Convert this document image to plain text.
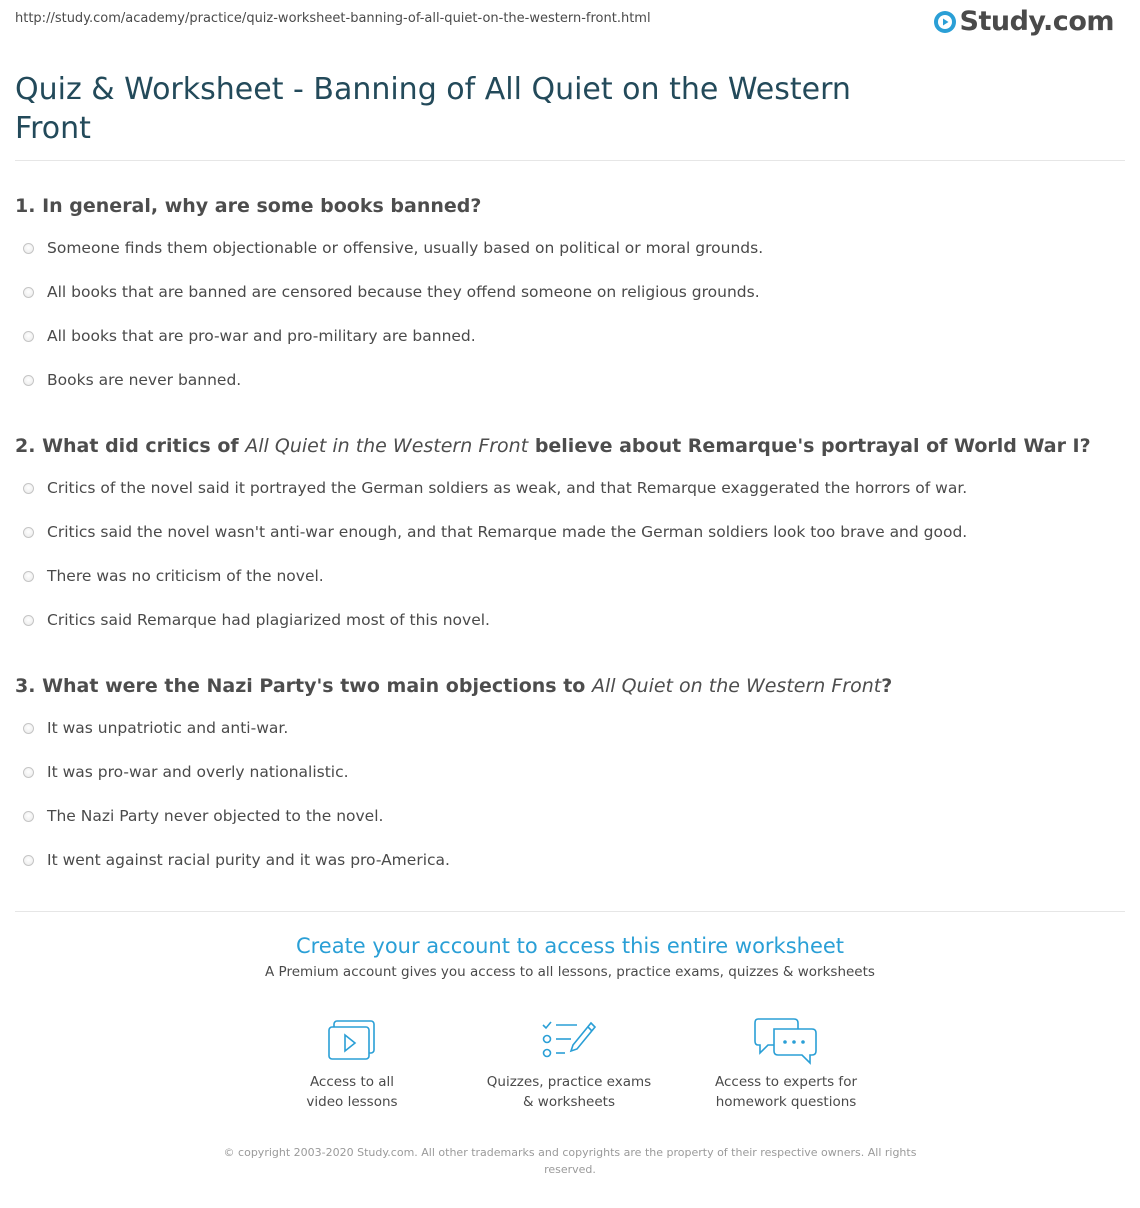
http://study.com/academy/practice/quiz-worksheet-banning-of-all-quiet-on-the-western-front.html	Study.com
Quiz & Worksheet - Banning of All Quiet on the Western Front
1. In general, why are some books banned?
Someone finds them objectionable or offensive, usually based on political or moral grounds.
All books that are banned are censored because they offend someone on religious grounds.
All books that are pro-war and pro-military are banned.
Books are never banned.
2. What did critics of All Quiet in the Western Front believe about Remarque's portrayal of World War I?
Critics of the novel said it portrayed the German soldiers as weak, and that Remarque exaggerated the horrors of war.
Critics said the novel wasn't anti-war enough, and that Remarque made the German soldiers look too brave and good.
There was no criticism of the novel.
Critics said Remarque had plagiarized most of this novel.
3. What were the Nazi Party's two main objections to All Quiet on the Western Front?
It was unpatriotic and anti-war.
It was pro-war and overly nationalistic.
The Nazi Party never objected to the novel.
It went against racial purity and it was pro-America.
Create your account to access this entire worksheet
A Premium account gives you access to all lessons, practice exams, quizzes & worksheets
Access to all
video lessons
Quizzes, practice exams
& worksheets
Access to experts for
homework questions
© copyright 2003-2020 Study.com. All other trademarks and copyrights are the property of their respective owners. All rights reserved.
